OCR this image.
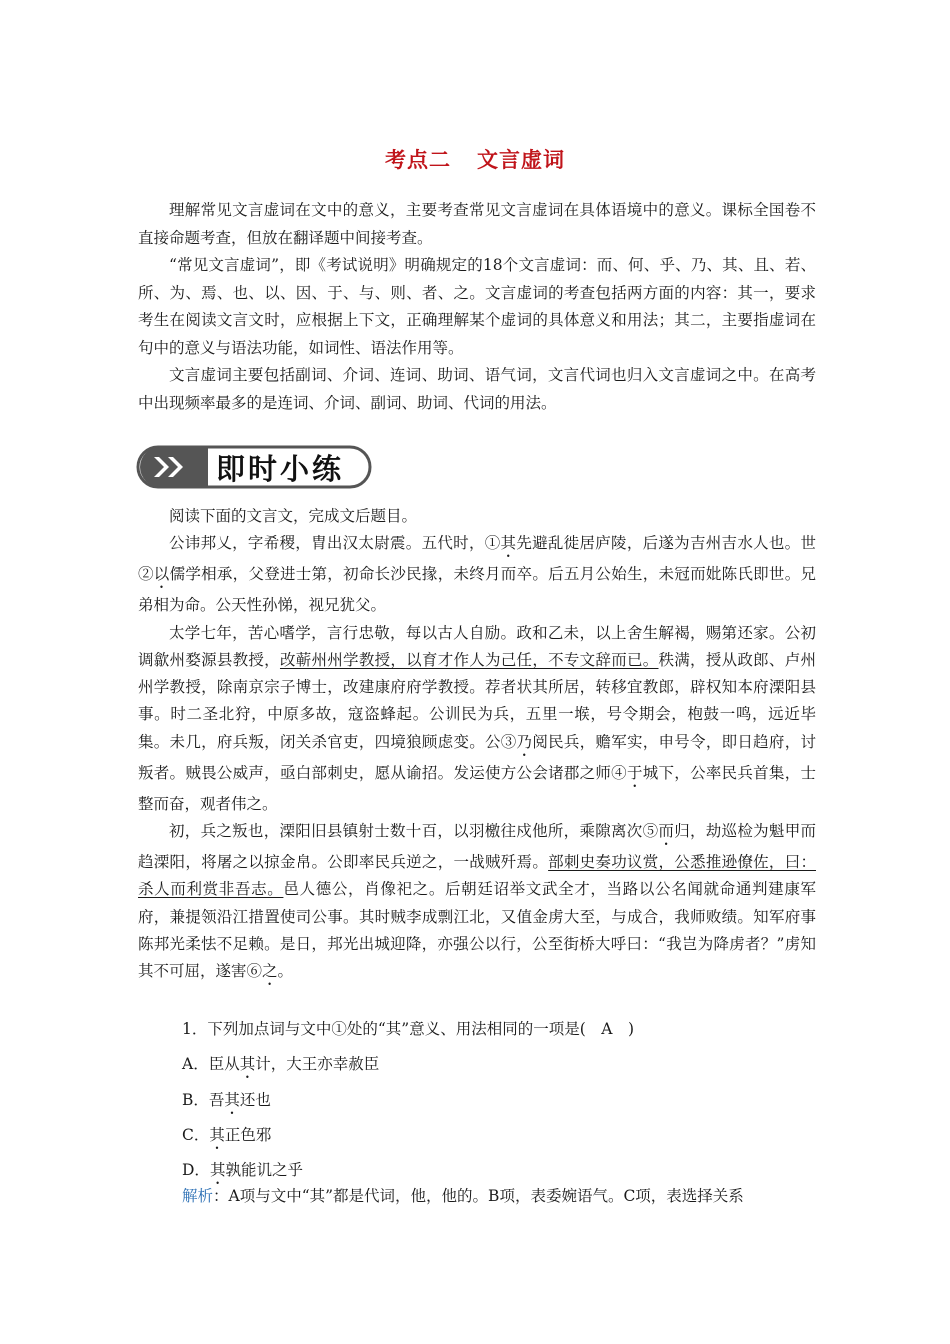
考点二 文言虚词

理解常见文言虚词在文中的意义，主要考查常见文言虚词在具体语境中的意义。课标全国卷不直接命题考查，但放在翻译题中间接考查。

“常见文言虚词”，即《考试说明》明确规定的18个文言虚词：而、何、乎、乃、其、且、若、所、为、焉、也、以、因、于、与、则、者、之。文言虚词的考查包括两方面的内容：其一，要求考生在阅读文言文时，应根据上下文，正确理解某个虚词的具体意义和用法；其二，主要指虚词在句中的意义与语法功能，如词性、语法作用等。

文言虚词主要包括副词、介词、连词、助词、语气词，文言代词也归入文言虚词之中。在高考中出现频率最多的是连词、介词、副词、助词、代词的用法。

即时小练

阅读下面的文言文，完成文后题目。

公讳邦乂，字希稷，胄出汉太尉震。五代时，①其先避乱徙居庐陵，后遂为吉州吉水人也。世②以儒学相承，父登进士第，初命长沙民掾，未终月而卒。后五月公始生，未冠而妣陈氏即世。兄弟相为命。公天性孙悌，视兄犹父。

太学七年，苦心嗜学，言行忠敬，每以古人自励。政和乙未，以上舍生解褐，赐第还家。公初调歙州婺源县教授，改蕲州州学教授，以育才作人为己任，不专文辞而已。秩满，授从政郎、卢州州学教授，除南京宗子博士，改建康府府学教授。荐者状其所居，转移宜教郎，辟权知本府溧阳县事。时二圣北狩，中原多故，寇盗蜂起。公训民为兵，五里一堠，号令期会，枹鼓一鸣，远近毕集。未几，府兵叛，闭关杀官吏，四境狼顾虑变。公③乃阅民兵，赡军实，申号令，即日趋府，讨叛者。贼畏公威声，亟白部刺史，愿从谕招。发运使方公会诸郡之师④于城下，公率民兵首集，士整而奋，观者伟之。

初，兵之叛也，溧阳旧县镇射士数十百，以羽檄往戍他所，乘隙离次⑤而归，劫巡检为魁甲而趋溧阳，将屠之以掠金帛。公即率民兵逆之，一战贼歼焉。部刺史奏功议赏，公悉推逊僚佐，曰：杀人而利赏非吾志。邑人德公，肖像祀之。后朝廷诏举文武全才，当路以公名闻就命通判建康军府，兼提领沿江措置使司公事。其时贼李成剽江北，又值金虏大至，与成合，我师败绩。知军府事陈邦光柔怯不足赖。是日，邦光出城迎降，亦强公以行，公至街桥大呼曰：“我岂为降虏者？”虏知其不可屈，遂害⑥之。

1．下列加点词与文中①处的“其”意义、用法相同的一项是(　A　)

A．臣从其计，大王亦幸赦臣

B．吾其还也

C．其正色邪

D．其孰能讥之乎

解析：A项与文中“其”都是代词，他，他的。B项，表委婉语气。C项，表选择关系
